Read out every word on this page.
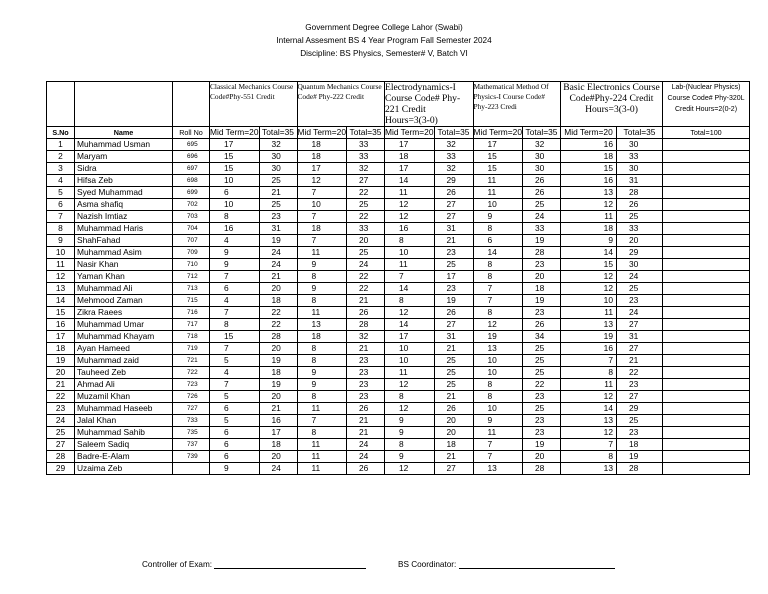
Government Degree College Lahor (Swabi)
Internal Assesment BS 4 Year Program Fall Semester 2024
Discipline: BS Physics, Semester# V, Batch VI
			Classical Mechanics Course Code#Phy-551 Credit		Quantum Mechanics Course Code# Phy-222 Credit		Electrodynamics-I Course Code# Phy-221 Credit Hours=3(3-0)		Mathematical Method Of Physics-I Course Code# Phy-223 Credi		Basic Electronics Course Code#Phy-224 Credit Hours=3(3-0)		Lab-(Nuclear Physics) Course Code# Phy-320L Credit Hours=2(0-2)
S.No	Name	Roll No	Mid Term=20	Total=35	Mid Term=20	Total=35	Mid Term=20	Total=35	Mid Term=20	Total=35	Mid Term=20	Total=35	Total=100
1	Muhammad Usman	695	17	32	18	33	17	32	17	32	16	30	
2	Maryam	696	15	30	18	33	18	33	15	30	18	33	
3	Sidra	697	15	30	17	32	17	32	15	30	15	30	
4	Hifsa Zeb	698	10	25	12	27	14	29	11	26	16	31	
5	Syed Muhammad	699	6	21	7	22	11	26	11	26	13	28	
6	Asma shafiq	702	10	25	10	25	12	27	10	25	12	26	
7	Nazish Imtiaz	703	8	23	7	22	12	27	9	24	11	25	
8	Muhammad Haris	704	16	31	18	33	16	31	8	33	18	33	
9	ShahFahad	707	4	19	7	20	8	21	6	19	9	20	
10	Muhammad Asim	709	9	24	11	25	10	23	14	28	14	29	
11	Nasir Khan	710	9	24	9	24	11	25	8	23	15	30	
12	Yaman Khan	712	7	21	8	22	7	17	8	20	12	24	
13	Muhammad Ali	713	6	20	9	22	14	23	7	18	12	25	
14	Mehmood Zaman	715	4	18	8	21	8	19	7	19	10	23	
15	Zikra Raees	716	7	22	11	26	12	26	8	23	11	24	
16	Muhammad Umar	717	8	22	13	28	14	27	12	26	13	27	
17	Muhammad Khayam	718	15	28	18	32	17	31	19	34	19	31	
18	Ayan Hameed	719	7	20	8	21	10	21	13	25	16	27	
19	Muhammad zaid	721	5	19	8	23	10	25	10	25	7	21	
20	Tauheed Zeb	722	4	18	9	23	11	25	10	25	8	22	
21	Ahmad Ali	723	7	19	9	23	12	25	8	22	11	23	
22	Muzamil Khan	726	5	20	8	23	8	21	8	23	12	27	
23	Muhammad Haseeb	727	6	21	11	26	12	26	10	25	14	29	
24	Jalal Khan	733	5	16	7	21	9	20	9	23	13	25	
25	Muhammad Sahib	735	6	17	8	21	9	20	11	23	12	23	
27	Saleem Sadiq	737	6	18	11	24	8	18	7	19	7	18	
28	Badre-E-Alam	739	6	20	11	24	9	21	7	20	8	19	
29	Uzaima Zeb		9	24	11	26	12	27	13	28	13	28	
Controller of Exam:	BS Coordinator:
